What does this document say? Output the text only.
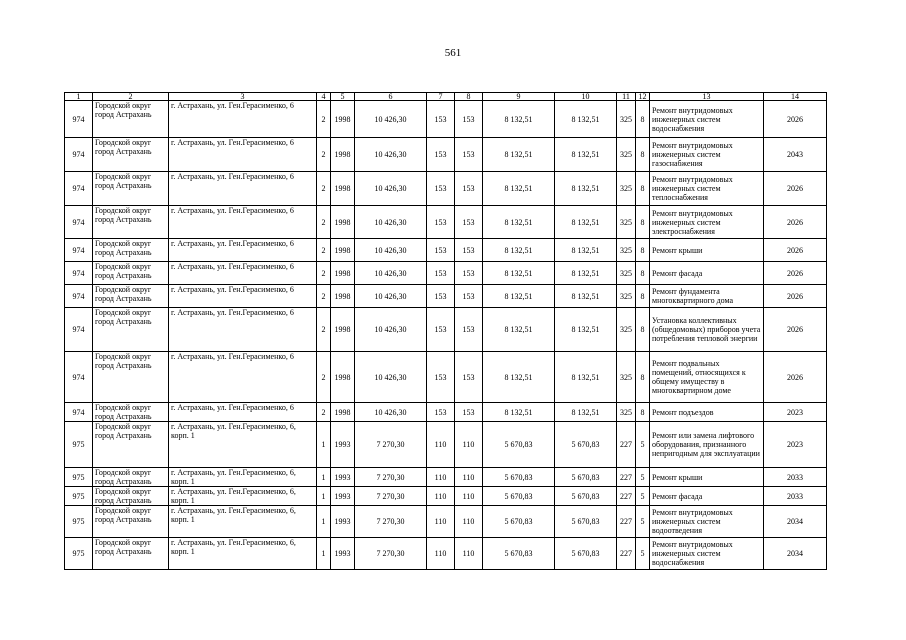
561
1	2	3	4	5	6	7	8	9	10	11	12	13	14
974	Городской округ город Астрахань	г. Астрахань, ул. Ген.Герасименко, 6	2	1998	10 426,30	153	153	8 132,51	8 132,51	325	8	Ремонт внутридомовых инженерных систем водоснабжения	2026
974	Городской округ город Астрахань	г. Астрахань, ул. Ген.Герасименко, 6	2	1998	10 426,30	153	153	8 132,51	8 132,51	325	8	Ремонт внутридомовых инженерных систем газоснабжения	2043
974	Городской округ город Астрахань	г. Астрахань, ул. Ген.Герасименко, 6	2	1998	10 426,30	153	153	8 132,51	8 132,51	325	8	Ремонт внутридомовых инженерных систем теплоснабжения	2026
974	Городской округ город Астрахань	г. Астрахань, ул. Ген.Герасименко, 6	2	1998	10 426,30	153	153	8 132,51	8 132,51	325	8	Ремонт внутридомовых инженерных систем электроснабжения	2026
974	Городской округ город Астрахань	г. Астрахань, ул. Ген.Герасименко, 6	2	1998	10 426,30	153	153	8 132,51	8 132,51	325	8	Ремонт крыши	2026
974	Городской округ город Астрахань	г. Астрахань, ул. Ген.Герасименко, 6	2	1998	10 426,30	153	153	8 132,51	8 132,51	325	8	Ремонт фасада	2026
974	Городской округ город Астрахань	г. Астрахань, ул. Ген.Герасименко, 6	2	1998	10 426,30	153	153	8 132,51	8 132,51	325	8	Ремонт фундамента многоквартирного дома	2026
974	Городской округ город Астрахань	г. Астрахань, ул. Ген.Герасименко, 6	2	1998	10 426,30	153	153	8 132,51	8 132,51	325	8	Установка коллективных (общедомовых) приборов учета потребления тепловой энергии	2026
974	Городской округ город Астрахань	г. Астрахань, ул. Ген.Герасименко, 6	2	1998	10 426,30	153	153	8 132,51	8 132,51	325	8	Ремонт подвальных помещений, относящихся к общему имуществу в многоквартирном доме	2026
974	Городской округ город Астрахань	г. Астрахань, ул. Ген.Герасименко, 6	2	1998	10 426,30	153	153	8 132,51	8 132,51	325	8	Ремонт подъездов	2023
975	Городской округ город Астрахань	г. Астрахань, ул. Ген.Герасименко, 6, корп. 1	1	1993	7 270,30	110	110	5 670,83	5 670,83	227	5	Ремонт или замена лифтового оборудования, признанного непригодным для эксплуатации	2023
975	Городской округ город Астрахань	г. Астрахань, ул. Ген.Герасименко, 6, корп. 1	1	1993	7 270,30	110	110	5 670,83	5 670,83	227	5	Ремонт крыши	2033
975	Городской округ город Астрахань	г. Астрахань, ул. Ген.Герасименко, 6, корп. 1	1	1993	7 270,30	110	110	5 670,83	5 670,83	227	5	Ремонт фасада	2033
975	Городской округ город Астрахань	г. Астрахань, ул. Ген.Герасименко, 6, корп. 1	1	1993	7 270,30	110	110	5 670,83	5 670,83	227	5	Ремонт внутридомовых инженерных систем водоотведения	2034
975	Городской округ город Астрахань	г. Астрахань, ул. Ген.Герасименко, 6, корп. 1	1	1993	7 270,30	110	110	5 670,83	5 670,83	227	5	Ремонт внутридомовых инженерных систем водоснабжения	2034
